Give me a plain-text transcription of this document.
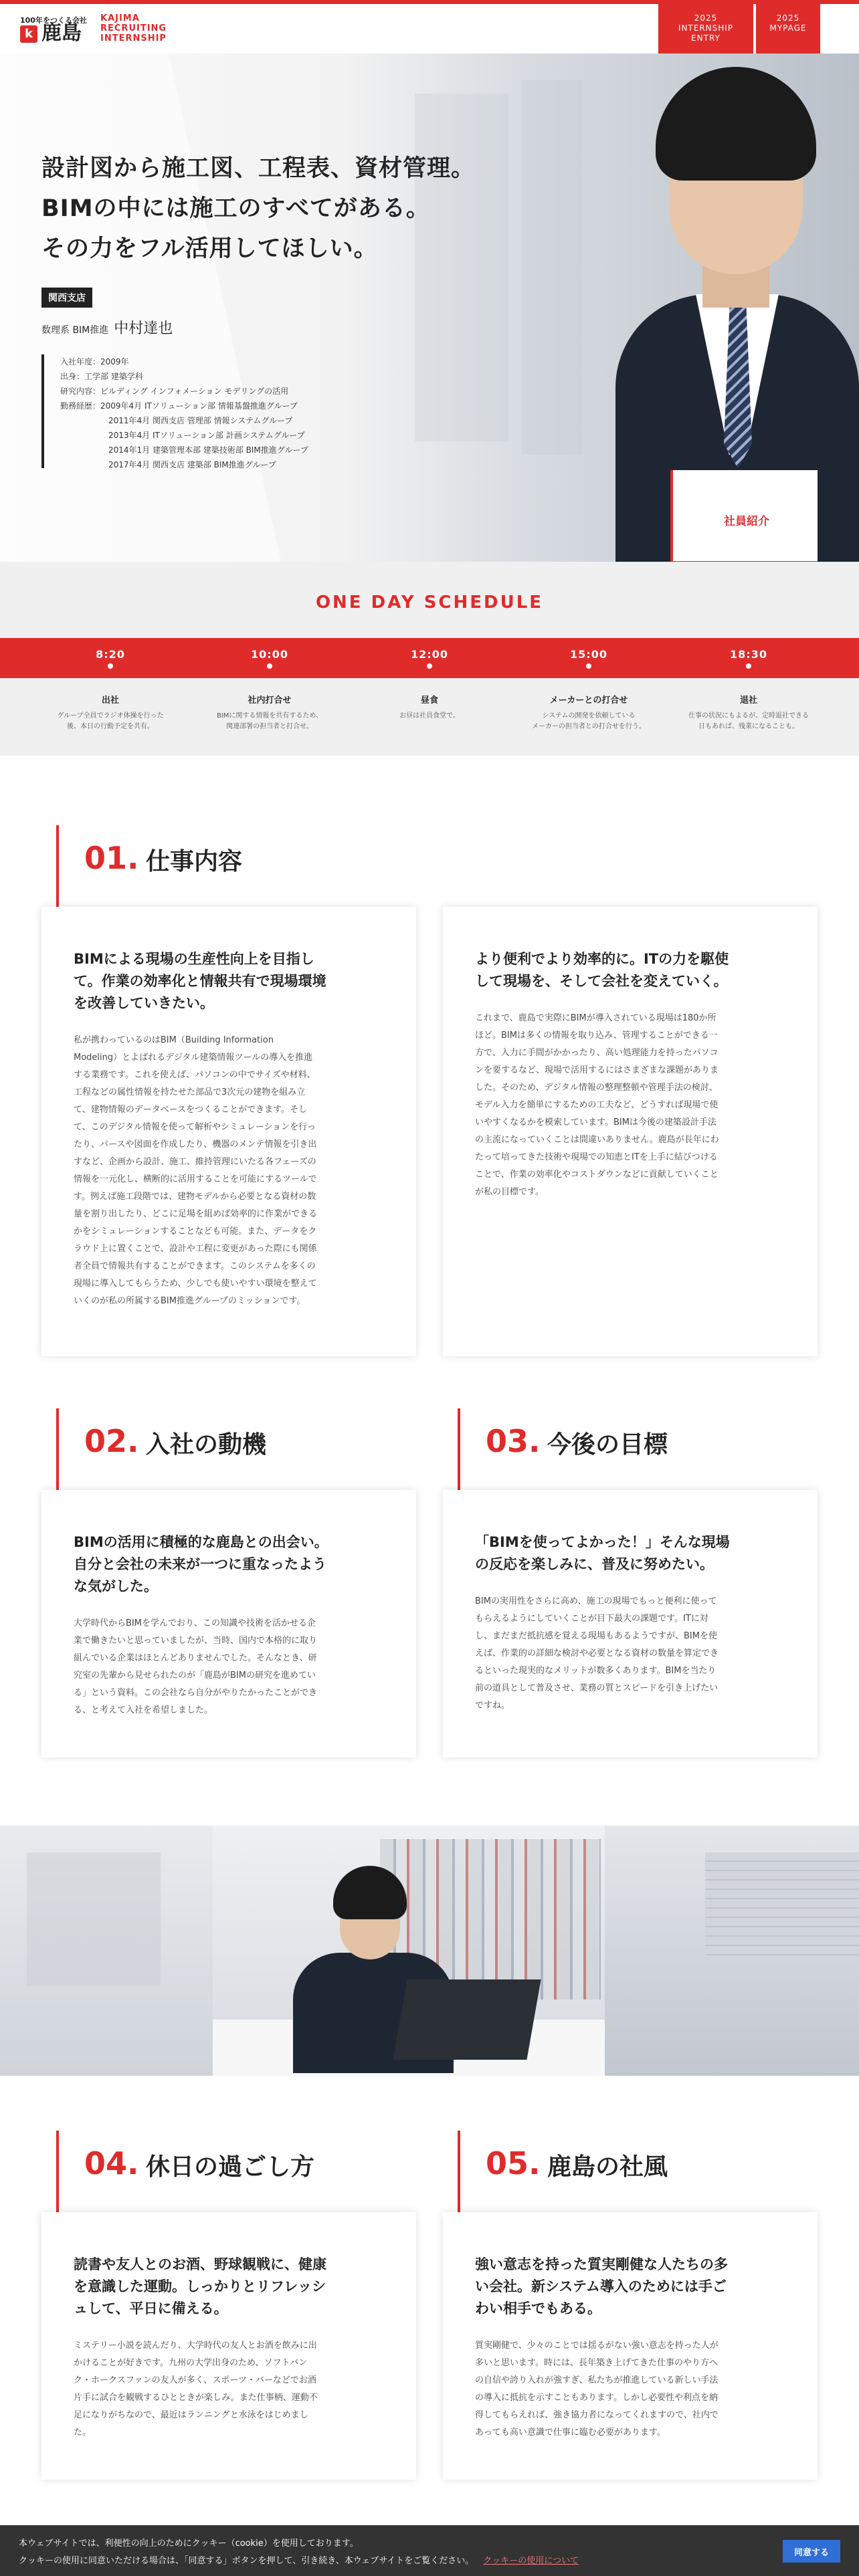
100年をつくる会社
k 鹿島
KAJIMA
RECRUITING
INTERNSHIP
2025
INTERNSHIP
ENTRY
2025
MYPAGE
設計図から施工図、工程表、資材管理。
BIMの中には施工のすべてがある。
その力をフル活用してほしい。
関西支店
数理系 BIM推進 中村達也
入社年度：2009年
出身：工学部 建築学科
研究内容：ビルディング インフォメーション モデリングの活用
勤務経歴：2009年4月 ITソリューション部 情報基盤推進グループ
2011年4月 関西支店 管理部 情報システムグループ
2013年4月 ITソリューション部 計画システムグループ
2014年1月 建築管理本部 建築技術部 BIM推進グループ
2017年4月 関西支店 建築部 BIM推進グループ
社員紹介
ONE DAY SCHEDULE
8:20
出社
グループ全員でラジオ体操を行った
後、本日の行動予定を共有。
10:00
社内打合せ
BIMに関する情報を共有するため、
関連部署の担当者と打合せ。
12:00
昼食
お昼は社員食堂で。
15:00
メーカーとの打合せ
システムの開発を依頼している
メーカーの担当者との打合せを行う。
18:30
退社
仕事の状況にもよるが、定時退社できる
日もあれば、残業になることも。
01. 仕事内容
BIMによる現場の生産性向上を目指し
て。作業の効率化と情報共有で現場環境
を改善していきたい。
私が携わっているのはBIM（Building Information
Modeling）とよばれるデジタル建築情報ツールの導入を推進
する業務です。これを使えば、パソコンの中でサイズや材料、
工程などの属性情報を持たせた部品で3次元の建物を組み立
て、建物情報のデータベースをつくることができます。そし
て、このデジタル情報を使って解析やシミュレーションを行っ
たり、パースや図面を作成したり、機器のメンテ情報を引き出
すなど、企画から設計、施工、維持管理にいたる各フェーズの
情報を一元化し、横断的に活用することを可能にするツールで
す。例えば施工段階では、建物モデルから必要となる資材の数
量を割り出したり、どこに足場を組めば効率的に作業ができる
かをシミュレーションすることなども可能。また、データをク
ラウド上に置くことで、設計や工程に変更があった際にも関係
者全員で情報共有することができます。このシステムを多くの
現場に導入してもらうため、少しでも使いやすい環境を整えて
いくのが私の所属するBIM推進グループのミッションです。
より便利でより効率的に。ITの力を駆使
して現場を、そして会社を変えていく。
これまで、鹿島で実際にBIMが導入されている現場は180か所
ほど。BIMは多くの情報を取り込み、管理することができる一
方で、入力に手間がかかったり、高い処理能力を持ったパソコ
ンを要するなど、現場で活用するにはさまざまな課題がありま
した。そのため、デジタル情報の整理整頓や管理手法の検討、
モデル入力を簡単にするための工夫など、どうすれば現場で使
いやすくなるかを模索しています。BIMは今後の建築設計手法
の主流になっていくことは間違いありません。鹿島が長年にわ
たって培ってきた技術や現場での知恵とITを上手に結びつける
ことで、作業の効率化やコストダウンなどに貢献していくこと
が私の目標です。
02. 入社の動機	03. 今後の目標
BIMの活用に積極的な鹿島との出会い。
自分と会社の未来が一つに重なったよう
な気がした。
大学時代からBIMを学んでおり、この知識や技術を活かせる企
業で働きたいと思っていましたが、当時、国内で本格的に取り
組んでいる企業はほとんどありませんでした。そんなとき、研
究室の先輩から見せられたのが「鹿島がBIMの研究を進めてい
る」という資料。この会社なら自分がやりたかったことができ
る、と考えて入社を希望しました。
「BIMを使ってよかった！」そんな現場
の反応を楽しみに、普及に努めたい。
BIMの実用性をさらに高め、施工の現場でもっと便利に使って
もらえるようにしていくことが目下最大の課題です。ITに対
し、まだまだ抵抗感を覚える現場もあるようですが、BIMを使
えば、作業的の詳細な検討や必要となる資材の数量を算定でき
るといった現実的なメリットが数多くあります。BIMを当たり
前の道具として普及させ、業務の質とスピードを引き上げたい
ですね。
04. 休日の過ごし方	05. 鹿島の社風
読書や友人とのお酒、野球観戦に、健康
を意識した運動。しっかりとリフレッシ
ュして、平日に備える。
ミステリー小説を読んだり、大学時代の友人とお酒を飲みに出
かけることが好きです。九州の大学出身のため、ソフトバン
ク・ホークスファンの友人が多く、スポーツ・バーなどでお酒
片手に試合を観戦するひとときが楽しみ。また仕事柄、運動不
足になりがちなので、最近はランニングと水泳をはじめまし
た。
強い意志を持った質実剛健な人たちの多
い会社。新システム導入のためには手ご
わい相手でもある。
質実剛健で、少々のことでは揺るがない強い意志を持った人が
多いと思います。時には、長年築き上げてきた仕事のやり方へ
の自信や誇り入れが強すぎ、私たちが推進している新しい手法
の導入に抵抗を示すこともあります。しかし必要性や利点を納
得してもらえれば、強き協力者になってくれますので、社内で
あっても高い意識で仕事に臨む必要があります。
本ウェブサイトでは、利便性の向上のためにクッキー（cookie）を使用しております。
クッキーの使用に同意いただける場合は、「同意する」ボタンを押して、引き続き、本ウェブサイトをご覧ください。 クッキーの使用について
同意する
